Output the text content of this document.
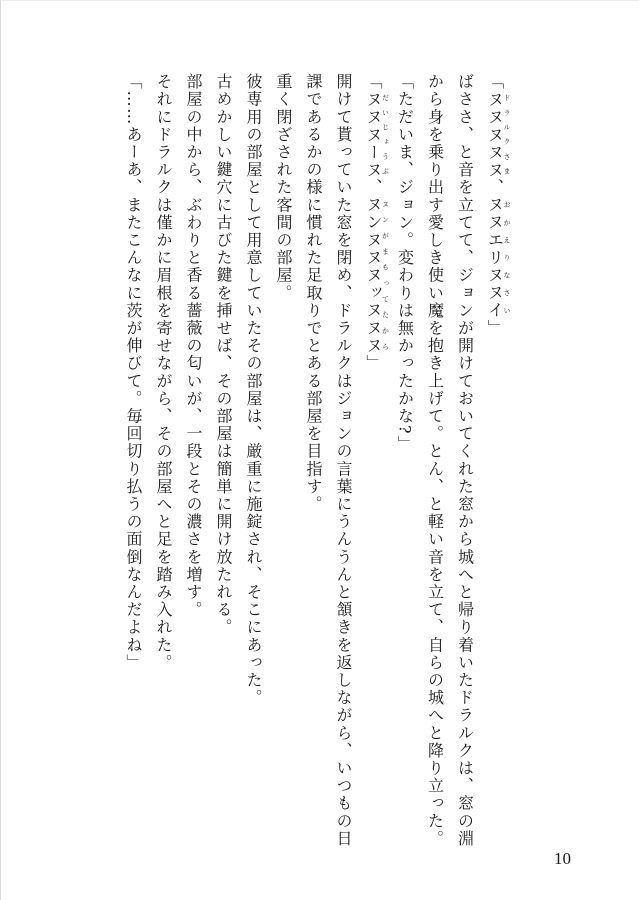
「ヌヌヌヌヌドラルクさま、ヌヌエリヌヌイおかえりなさい」
ばささ、と音を立てて、ジョンが開けておいてくれた窓から城へと帰り着いたドラルクは、窓の淵
から身を乗り出す愛しき使い魔を抱き上げて。とん、と軽い音を立て、自らの城へと降り立った。
「ただいま、ジョン。変わりは無かったかな?」
「ヌヌヌーヌだいじょうぶ、ヌンヌヌヌッヌヌヌヌンがまもってたから」
開けて貰っていた窓を閉め、ドラルクはジョンの言葉にうんうんと頷きを返しながら、いつもの日
課であるかの様に慣れた足取りでとある部屋を目指す。
重く閉ざされた客間の部屋。
彼専用の部屋として用意していたその部屋は、厳重に施錠され、そこにあった。
古めかしい鍵穴に古びた鍵を挿せば、その部屋は簡単に開け放たれる。
部屋の中から、ぶわりと香る薔薇の匂いが、一段とその濃さを増す。
それにドラルクは僅かに眉根を寄せながら、その部屋へと足を踏み入れた。
「……あーあ、またこんなに茨が伸びて。毎回切り払うの面倒なんだよね」
10
